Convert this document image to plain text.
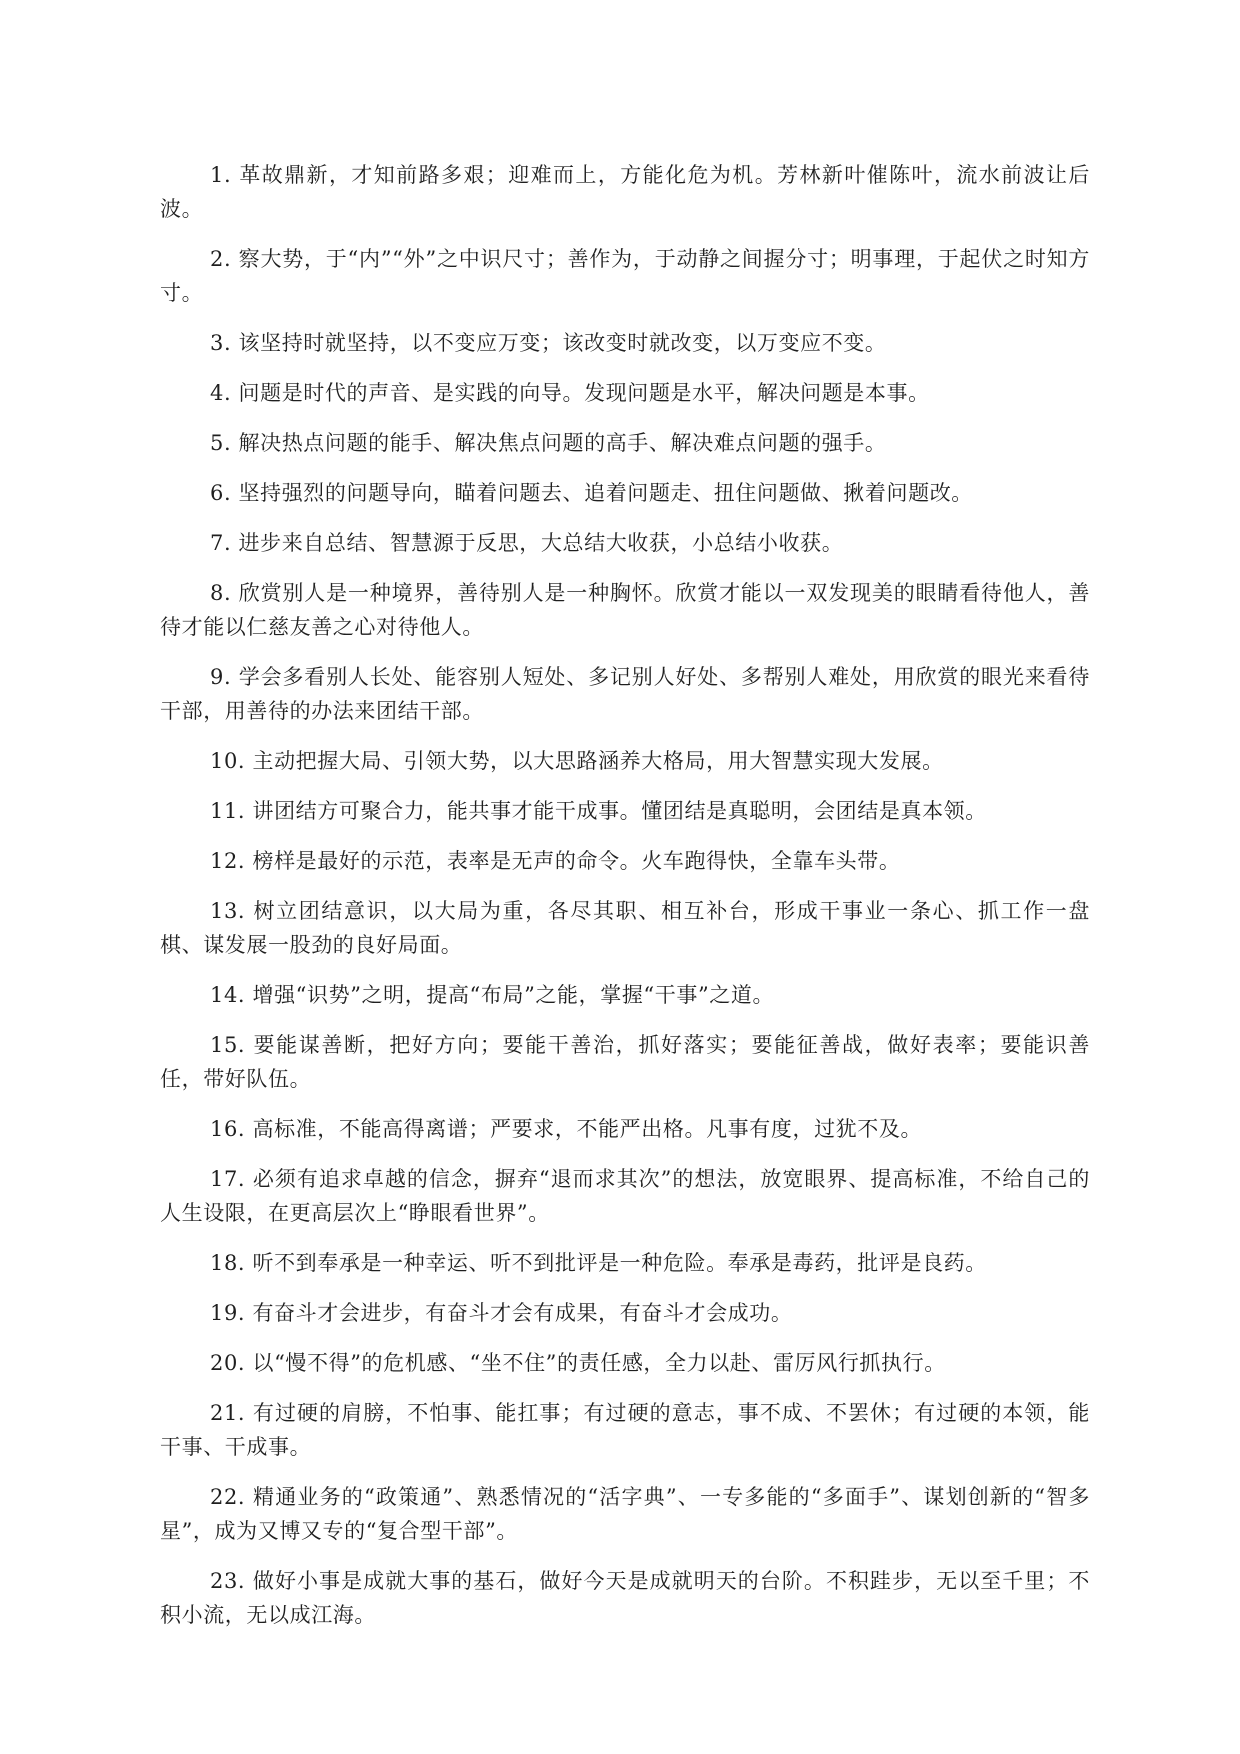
1. 革故鼎新，才知前路多艰；迎难而上，方能化危为机。芳林新叶催陈叶，流水前波让后波。

2. 察大势，于“内”“外”之中识尺寸；善作为，于动静之间握分寸；明事理，于起伏之时知方寸。

3. 该坚持时就坚持，以不变应万变；该改变时就改变，以万变应不变。

4. 问题是时代的声音、是实践的向导。发现问题是水平，解决问题是本事。

5. 解决热点问题的能手、解决焦点问题的高手、解决难点问题的强手。

6. 坚持强烈的问题导向，瞄着问题去、追着问题走、扭住问题做、揪着问题改。

7. 进步来自总结、智慧源于反思，大总结大收获，小总结小收获。

8. 欣赏别人是一种境界，善待别人是一种胸怀。欣赏才能以一双发现美的眼睛看待他人，善待才能以仁慈友善之心对待他人。

9. 学会多看别人长处、能容别人短处、多记别人好处、多帮别人难处，用欣赏的眼光来看待干部，用善待的办法来团结干部。

10. 主动把握大局、引领大势，以大思路涵养大格局，用大智慧实现大发展。

11. 讲团结方可聚合力，能共事才能干成事。懂团结是真聪明，会团结是真本领。

12. 榜样是最好的示范，表率是无声的命令。火车跑得快，全靠车头带。

13. 树立团结意识，以大局为重，各尽其职、相互补台，形成干事业一条心、抓工作一盘棋、谋发展一股劲的良好局面。

14. 增强“识势”之明，提高“布局”之能，掌握“干事”之道。

15. 要能谋善断，把好方向；要能干善治，抓好落实；要能征善战，做好表率；要能识善任，带好队伍。

16. 高标准，不能高得离谱；严要求，不能严出格。凡事有度，过犹不及。

17. 必须有追求卓越的信念，摒弃“退而求其次”的想法，放宽眼界、提高标准，不给自己的人生设限，在更高层次上“睁眼看世界”。

18. 听不到奉承是一种幸运、听不到批评是一种危险。奉承是毒药，批评是良药。

19. 有奋斗才会进步，有奋斗才会有成果，有奋斗才会成功。

20. 以“慢不得”的危机感、“坐不住”的责任感，全力以赴、雷厉风行抓执行。

21. 有过硬的肩膀，不怕事、能扛事；有过硬的意志，事不成、不罢休；有过硬的本领，能干事、干成事。

22. 精通业务的“政策通”、熟悉情况的“活字典”、一专多能的“多面手”、谋划创新的“智多星”，成为又博又专的“复合型干部”。

23. 做好小事是成就大事的基石，做好今天是成就明天的台阶。不积跬步，无以至千里；不积小流，无以成江海。
